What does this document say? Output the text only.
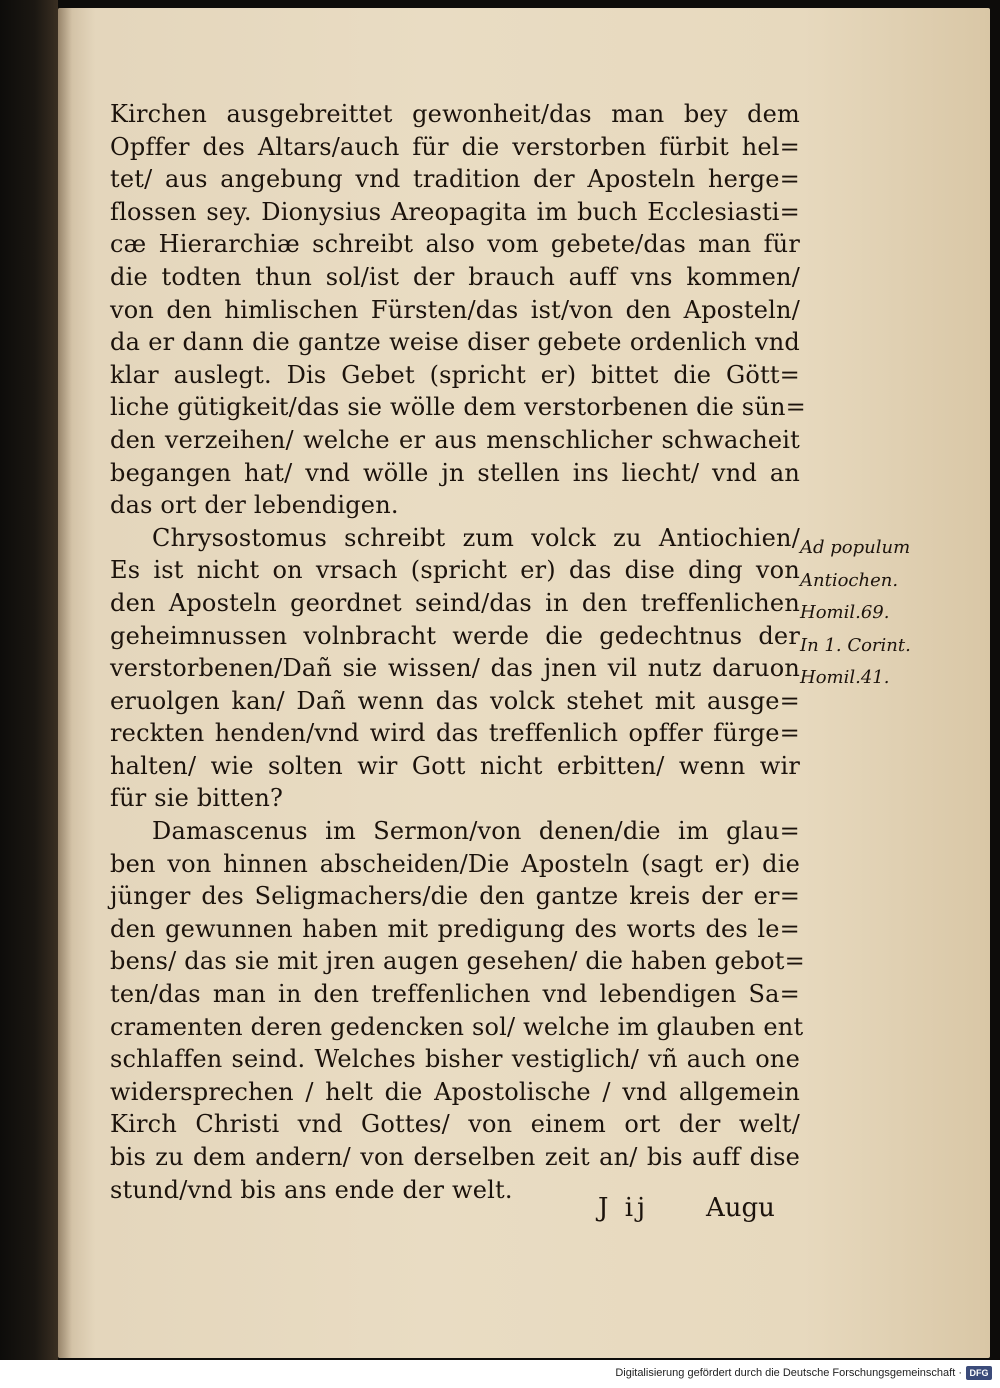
Kirchen ausgebreittet gewonheit/das man bey dem
Opffer des Altars/auch für die verstorben fürbit hel=
tet/ aus angebung vnd tradition der Aposteln herge=
flossen sey. Dionysius Areopagita im buch Ecclesiasti=
cæ Hierarchiæ schreibt also vom gebete/das man für
die todten thun sol/ist der brauch auff vns kommen/
von den himlischen Fürsten/das ist/von den Aposteln/
da er dann die gantze weise diser gebete ordenlich vnd
klar auslegt. Dis Gebet (spricht er) bittet die Gött=
liche gütigkeit/das sie wölle dem verstorbenen die sün=
den verzeihen/ welche er aus menschlicher schwacheit
begangen hat/ vnd wölle jn stellen ins liecht/ vnd an
das ort der lebendigen.
Chrysostomus schreibt zum volck zu Antiochien/
Es ist nicht on vrsach (spricht er) das dise ding von
den Aposteln geordnet seind/das in den treffenlichen
geheimnussen volnbracht werde die gedechtnus der
verstorbenen/Dañ sie wissen/ das jnen vil nutz daruon
eruolgen kan/ Dañ wenn das volck stehet mit ausge=
reckten henden/vnd wird das treffenlich opffer fürge=
halten/ wie solten wir Gott nicht erbitten/ wenn wir
für sie bitten?
Damascenus im Sermon/von denen/die im glau=
ben von hinnen abscheiden/Die Aposteln (sagt er) die
jünger des Seligmachers/die den gantze kreis der er=
den gewunnen haben mit predigung des worts des le=
bens/ das sie mit jren augen gesehen/ die haben gebot=
ten/das man in den treffenlichen vnd lebendigen Sa=
cramenten deren gedencken sol/ welche im glauben ent
schlaffen seind. Welches bisher vestiglich/ vñ auch one
widersprechen / helt die Apostolische / vnd allgemein
Kirch Christi vnd Gottes/ von einem ort der welt/
bis zu dem andern/ von derselben zeit an/ bis auff dise
stund/vnd bis ans ende der welt.
Ad populum
Antiochen.
Homil.69.
In 1. Corint.
Homil.41.
J ij Augu
Digitalisierung gefördert durch die Deutsche Forschungsgemeinschaft · DFG
